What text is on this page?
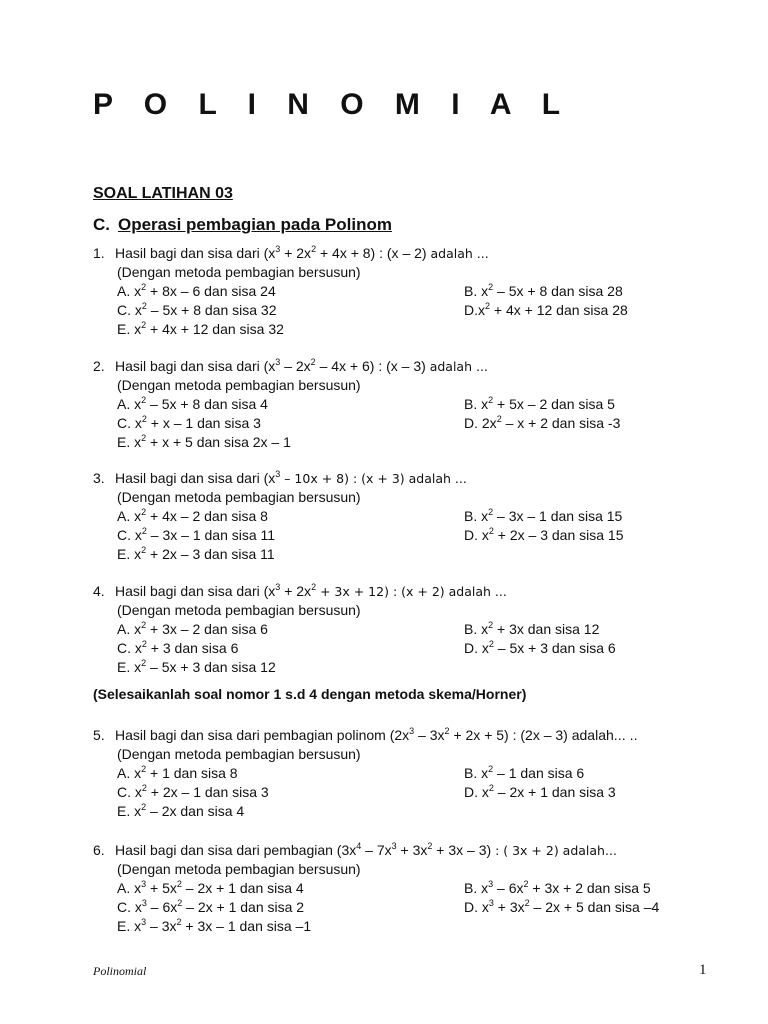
P O L I N O M I A L
SOAL LATIHAN 03
C. Operasi pembagian pada Polinom
1. Hasil bagi dan sisa dari $(x^3 + 2x^2 + 4x + 8)$ : (x – 2) adalah ...
(Dengan metoda pembagian bersusun)
A. $x^2 + 8x - 6$ dan sisa 24	B. $x^2 - 5x + 8$ dan sisa 28
C. $x^2 - 5x + 8$ dan sisa 32	$D.x^2 + 4x + 12$ dan sisa 28
E. $x^2 + 4x + 12$ dan sisa 32
2. Hasil bagi dan sisa dari $(x^3 - 2x^2 - 4x + 6)$ : (x – 3) adalah ...
(Dengan metoda pembagian bersusun)
A. $x^2 - 5x + 8$ dan sisa 4	B. $x^2 + 5x - 2$ dan sisa 5
C. $x^2 + x - 1$ dan sisa 3	D. $2x^2 - x + 2$ dan sisa -3
E. $x^2 + x + 5$ dan sisa 2x – 1
3. Hasil bagi dan sisa dari $(x^3 - 10x + 8)$ : (x + 3) adalah ...
(Dengan metoda pembagian bersusun)
A. $x^2 + 4x - 2$ dan sisa 8	B. $x^2 - 3x - 1$ dan sisa 15
C. $x^2 - 3x - 1$ dan sisa 11	D. $x^2 + 2x - 3$ dan sisa 15
E. $x^2 + 2x - 3$ dan sisa 11
4. Hasil bagi dan sisa dari $(x^3 + 2x^2 + 3x + 12)$ : (x + 2) adalah ...
(Dengan metoda pembagian bersusun)
A. $x^2 + 3x - 2$ dan sisa 6	B. $x^2 + 3x$ dan sisa 12
C. $x^2 + 3$ dan sisa 6	D. $x^2 - 5x + 3$ dan sisa 6
E. $x^2 - 5x + 3$ dan sisa 12
(Selesaikanlah soal nomor 1 s.d 4 dengan metoda skema/Horner)
5. Hasil bagi dan sisa dari pembagian polinom $(2x^3 - 3x^2 + 2x + 5)$ : (2x – 3) adalah... ..
(Dengan metoda pembagian bersusun)
A. $x^2 + 1$ dan sisa 8	B. $x^2 - 1$ dan sisa 6
C. $x^2 + 2x - 1$ dan sisa 3	D. $x^2 - 2x + 1$ dan sisa 3
E. $x^2 - 2x$ dan sisa 4
6. Hasil bagi dan sisa dari pembagian $(3x^4 - 7x^3 + 3x^2 + 3x - 3)$ : ( 3x + 2) adalah...
(Dengan metoda pembagian bersusun)
A. $x^3 + 5x^2 - 2x + 1$ dan sisa 4	B. $x^3 - 6x^2 + 3x + 2$ dan sisa 5
C. $x^3 - 6x^2 - 2x + 1$ dan sisa 2	D. $x^3 + 3x^2 - 2x + 5$ dan sisa –4
E. $x^3 - 3x^2 + 3x - 1$ dan sisa –1
Polinomial	1
